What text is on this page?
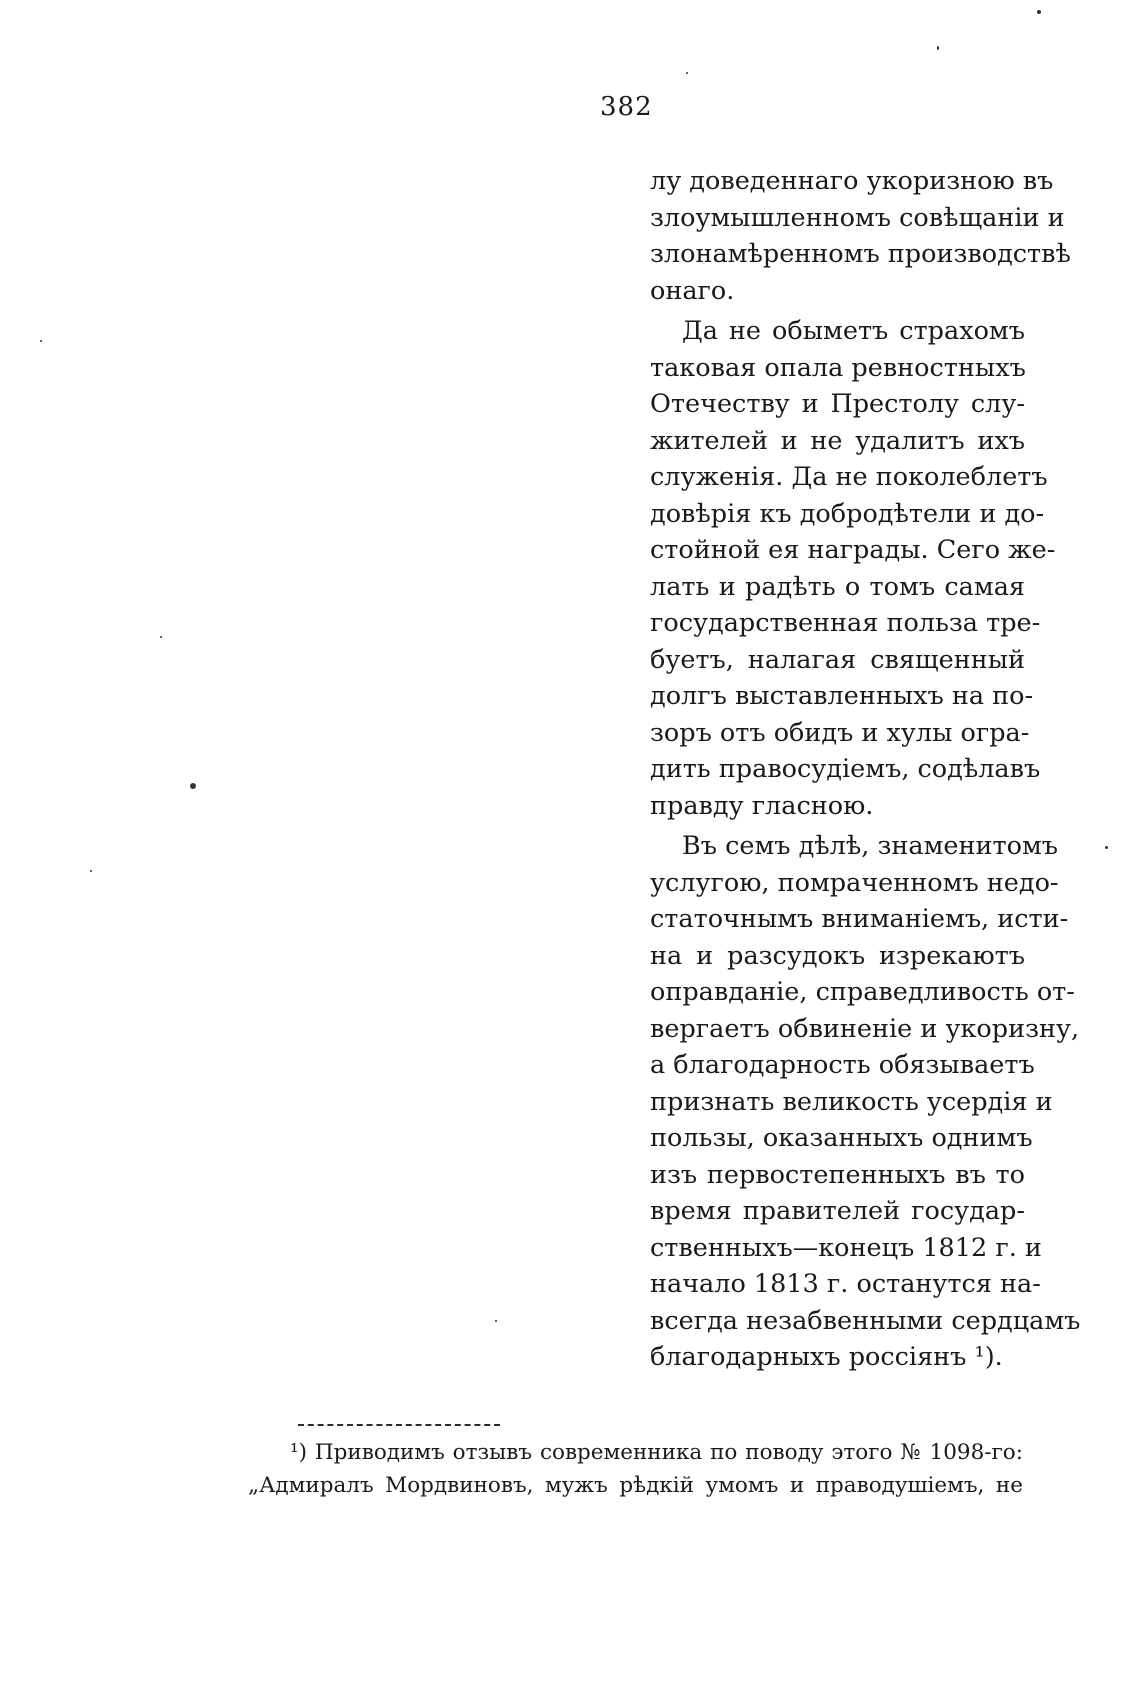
382
лу доведеннаго укоризною въ
злоумышленномъ совѣщанiи и
злонамѣренномъ производствѣ
онаго.
Да не обыметъ страхомъ
таковая опала ревностныхъ
Отечеству и Престолу слу-
жителей и не удалитъ ихъ
служенiя. Да не поколеблетъ
довѣрiя къ добродѣтели и до-
стойной ея награды. Сего же-
лать и радѣть о томъ самая
государственная польза тре-
буетъ, налагая священный
долгъ выставленныхъ на по-
зоръ отъ обидъ и хулы огра-
дить правосудiемъ, содѣлавъ
правду гласною.
Въ семъ дѣлѣ, знаменитомъ
услугою, помраченномъ недо-
статочнымъ вниманiемъ, исти-
на и разсудокъ изрекаютъ
оправданiе, справедливость от-
вергаетъ обвиненiе и укоризну,
а благодарность обязываетъ
признать великость усердiя и
пользы, оказанныхъ однимъ
изъ первостепенныхъ въ то
время правителей государ-
ственныхъ—конецъ 1812 г. и
начало 1813 г. останутся на-
всегда незабвенными сердцамъ
благодарныхъ россiянъ ¹).
¹) Приводимъ отзывъ современника по поводу этого № 1098-го:
„Адмиралъ Мордвиновъ, мужъ рѣдкiй умомъ и праводушiемъ, не
